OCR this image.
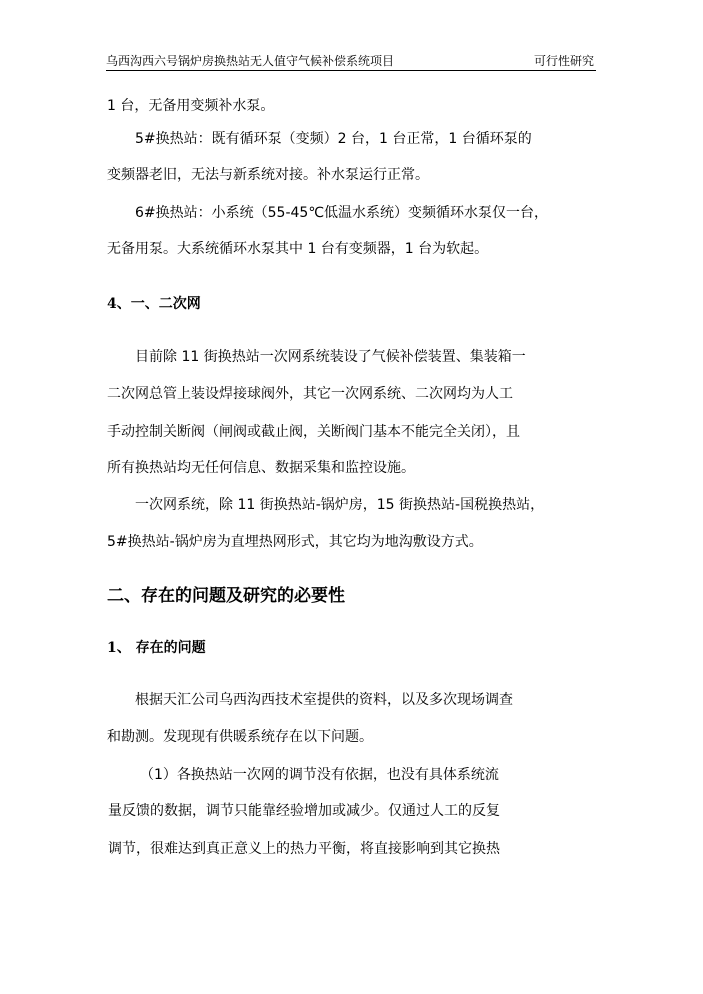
乌西沟西六号锅炉房换热站无人值守气候补偿系统项目	可行性研究
1 台，无备用变频补水泵。
5#换热站：既有循环泵（变频）2 台，1 台正常，1 台循环泵的
变频器老旧，无法与新系统对接。补水泵运行正常。
6#换热站：小系统（55-45℃低温水系统）变频循环水泵仅一台，
无备用泵。大系统循环水泵其中 1 台有变频器，1 台为软起。
4、一、二次网
目前除 11 街换热站一次网系统装设了气候补偿装置、集装箱一
二次网总管上装设焊接球阀外，其它一次网系统、二次网均为人工
手动控制关断阀（闸阀或截止阀，关断阀门基本不能完全关闭），且
所有换热站均无任何信息、数据采集和监控设施。
一次网系统，除 11 街换热站-锅炉房，15 街换热站-国税换热站，
5#换热站-锅炉房为直埋热网形式，其它均为地沟敷设方式。
二、存在的问题及研究的必要性
1、 存在的问题
根据天汇公司乌西沟西技术室提供的资料，以及多次现场调查
和勘测。发现现有供暖系统存在以下问题。
（1）各换热站一次网的调节没有依据，也没有具体系统流
量反馈的数据，调节只能靠经验增加或减少。仅通过人工的反复
调节，很难达到真正意义上的热力平衡，将直接影响到其它换热
